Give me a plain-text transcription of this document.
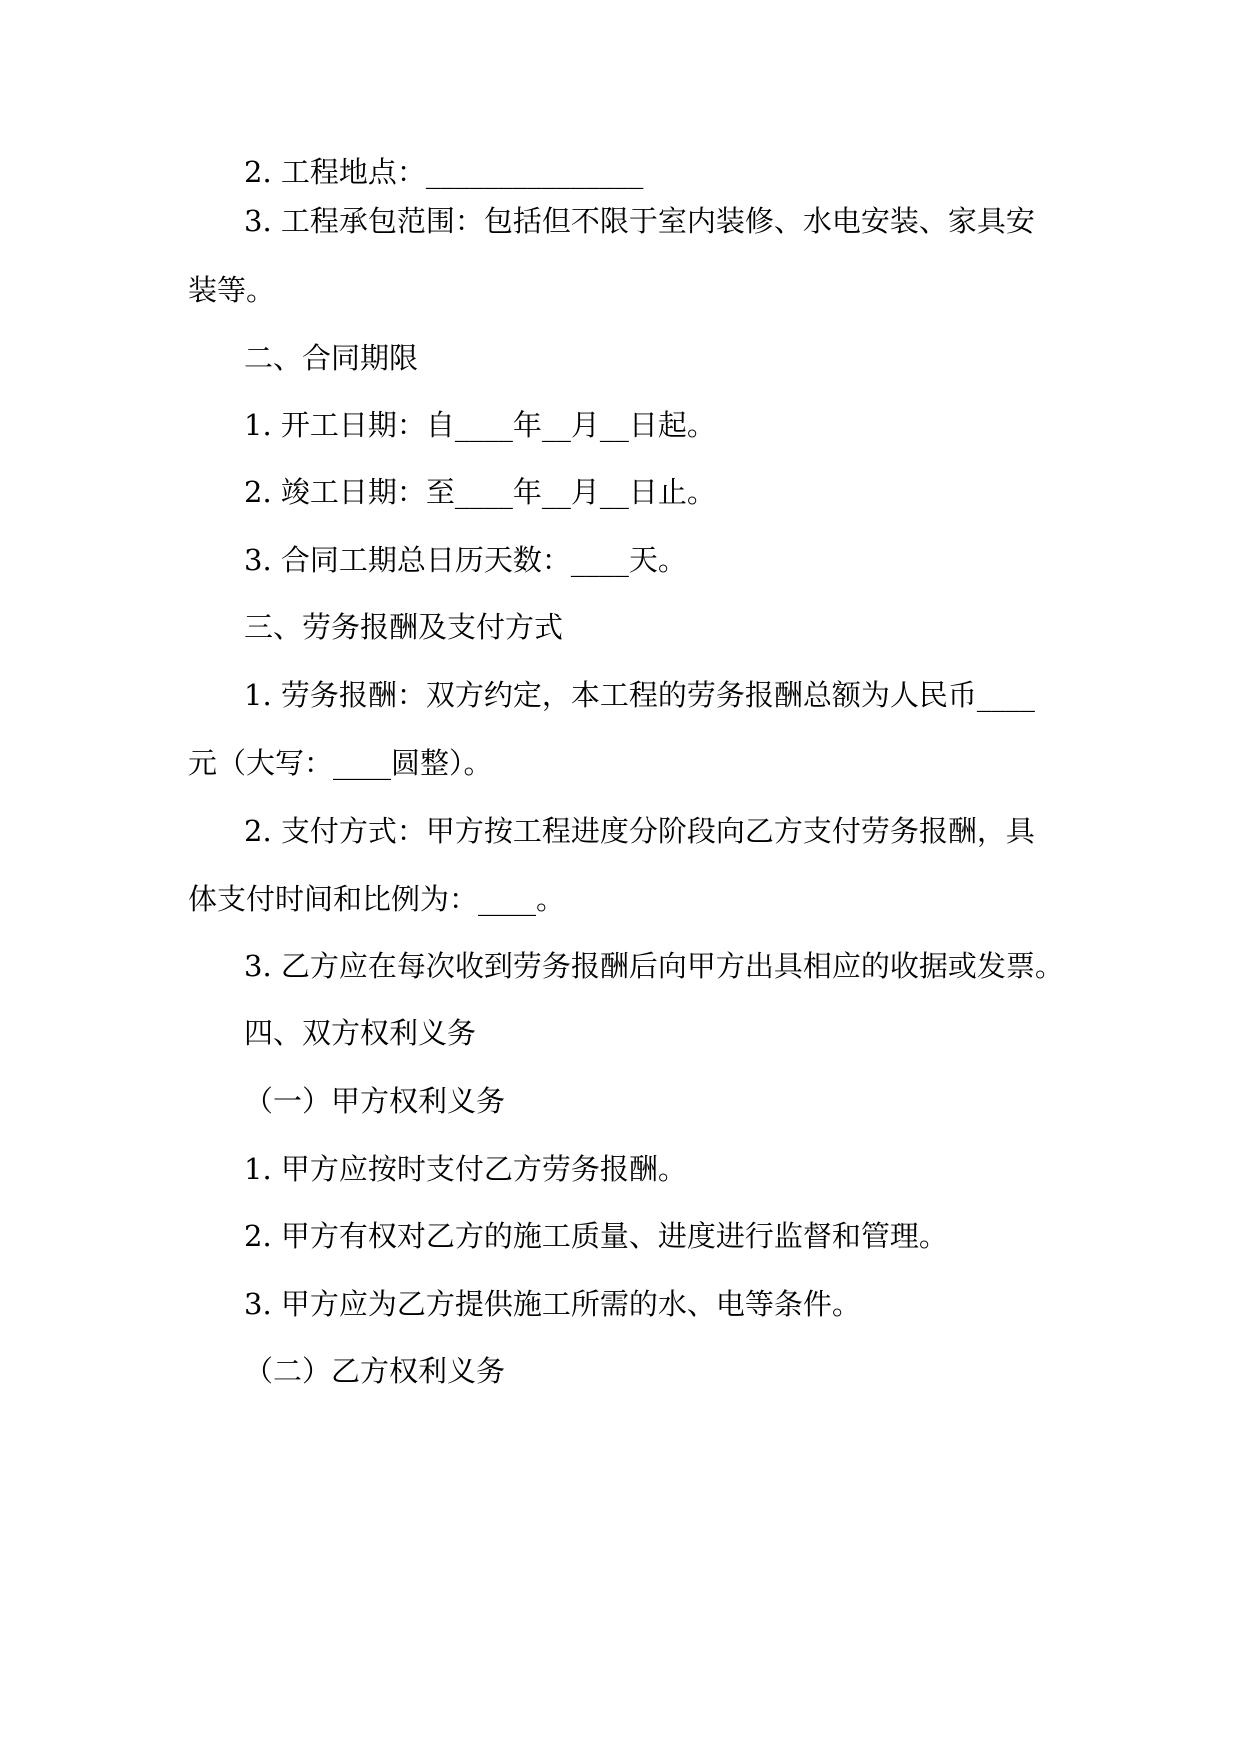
2. 工程地点：_______________

3. 工程承包范围：包括但不限于室内装修、水电安装、家具安

装等。

二、合同期限

1. 开工日期：自____年__月__日起。

2. 竣工日期：至____年__月__日止。

3. 合同工期总日历天数：____天。

三、劳务报酬及支付方式

1. 劳务报酬：双方约定，本工程的劳务报酬总额为人民币____

元（大写：____圆整）。

2. 支付方式：甲方按工程进度分阶段向乙方支付劳务报酬，具

体支付时间和比例为：____。

3. 乙方应在每次收到劳务报酬后向甲方出具相应的收据或发票。

四、双方权利义务

（一）甲方权利义务

1. 甲方应按时支付乙方劳务报酬。

2. 甲方有权对乙方的施工质量、进度进行监督和管理。

3. 甲方应为乙方提供施工所需的水、电等条件。

（二）乙方权利义务
